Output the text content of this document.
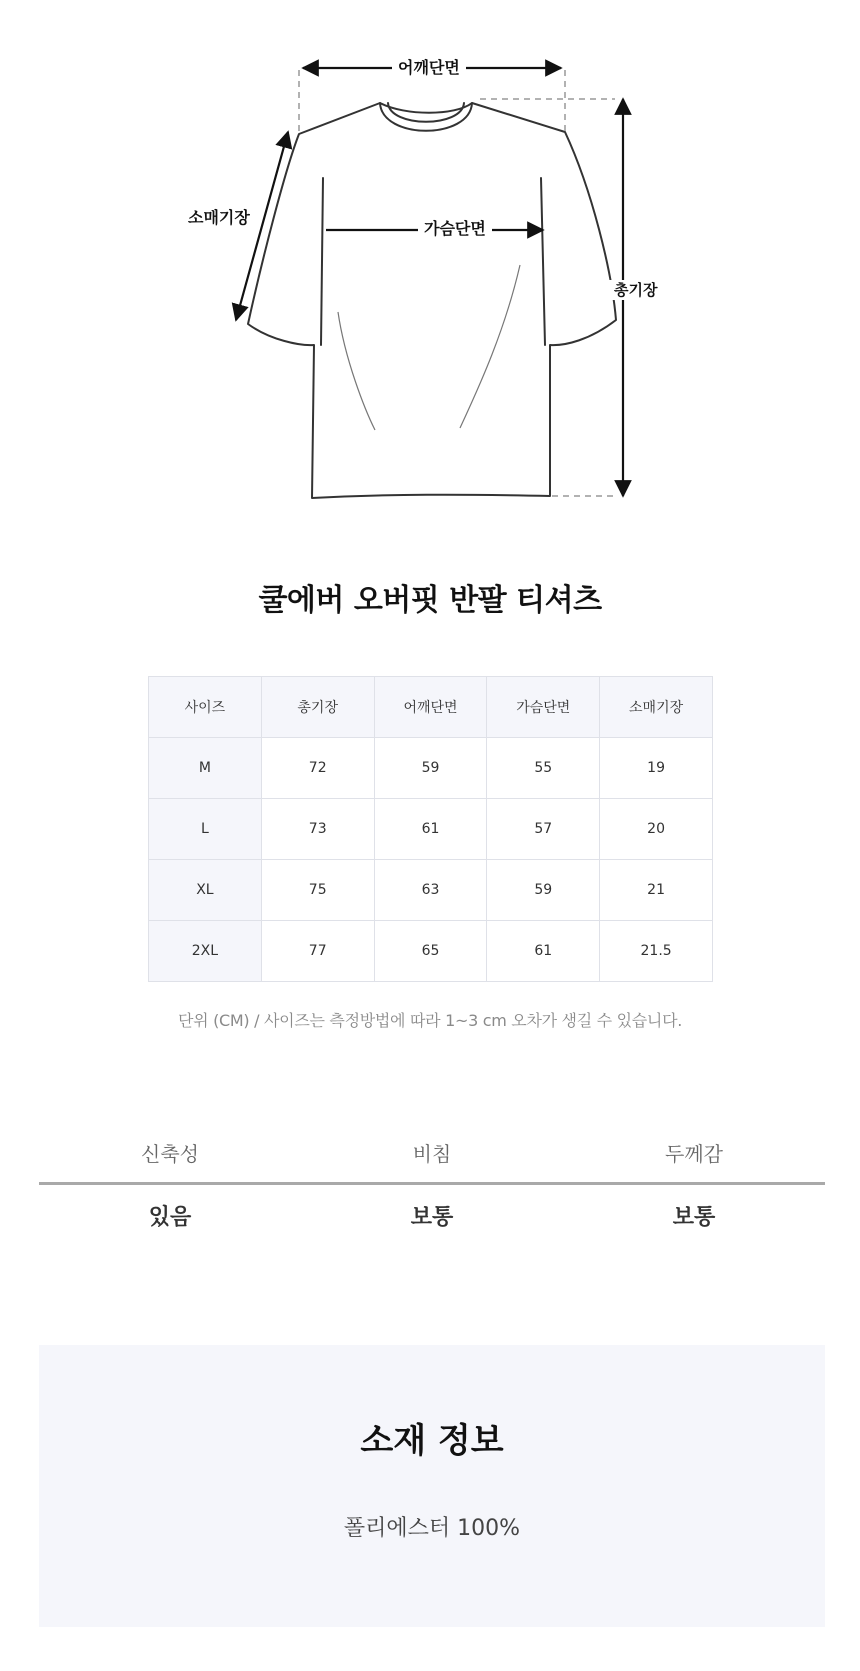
어깨단면
소매기장
가슴단면
총기장
쿨에버 오버핏 반팔 티셔츠
사이즈	총기장	어깨단면	가슴단면	소매기장
M	72	59	55	19
L	73	61	57	20
XL	75	63	59	21
2XL	77	65	61	21.5
단위 (CM) / 사이즈는 측정방법에 따라 1~3 cm 오차가 생길 수 있습니다.
신축성	비침	두께감
있음	보통	보통
소재 정보
폴리에스터 100%
